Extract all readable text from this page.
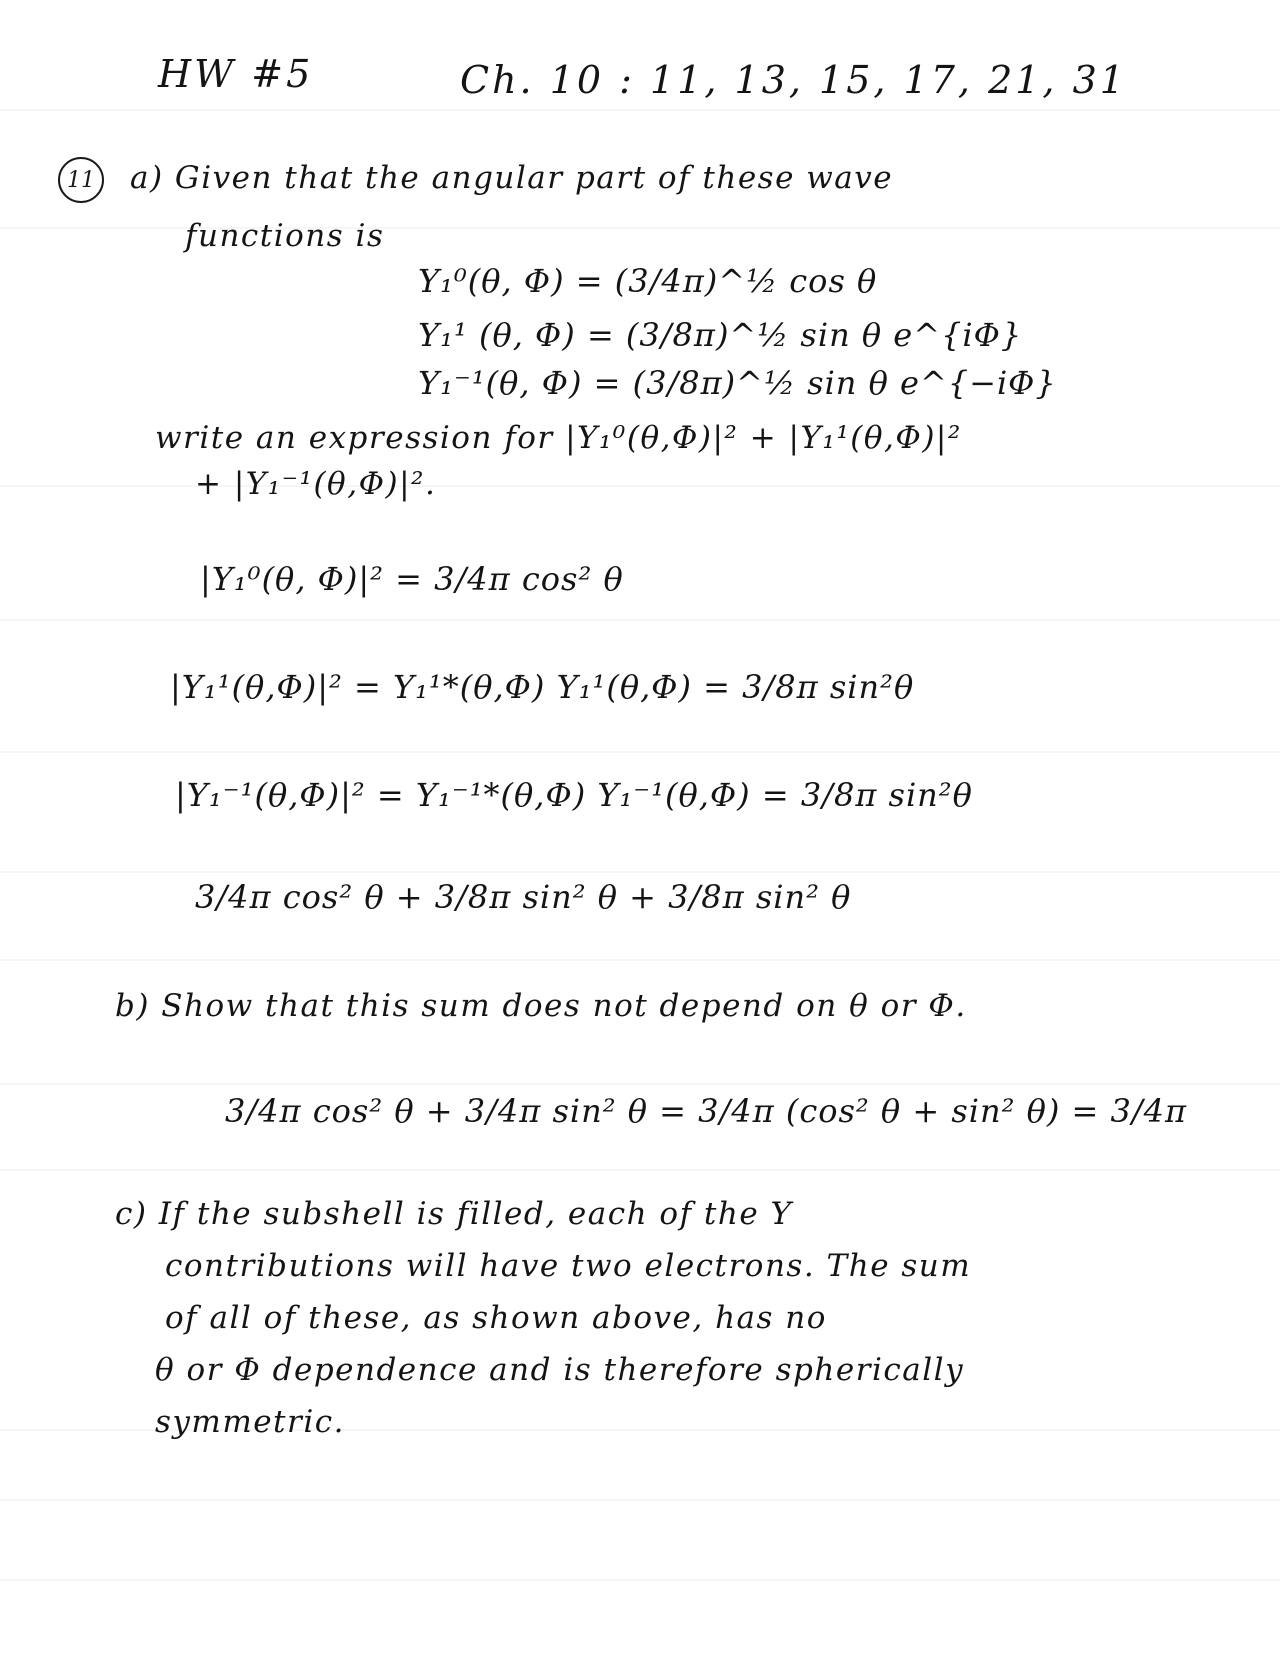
HW #5	Ch. 10 : 11, 13, 15, 17, 21, 31
11 a) Given that the angular part of these wave
functions is
Y₁⁰(θ, Φ) = (3/4π)^½ cos θ
Y₁¹ (θ, Φ) = (3/8π)^½ sin θ e^{iΦ}
Y₁⁻¹(θ, Φ) = (3/8π)^½ sin θ e^{−iΦ}
write an expression for |Y₁⁰(θ,Φ)|² + |Y₁¹(θ,Φ)|²
+ |Y₁⁻¹(θ,Φ)|².
|Y₁⁰(θ, Φ)|² = 3/4π cos² θ
|Y₁¹(θ,Φ)|² = Y₁¹*(θ,Φ) Y₁¹(θ,Φ) = 3/8π sin²θ
|Y₁⁻¹(θ,Φ)|² = Y₁⁻¹*(θ,Φ) Y₁⁻¹(θ,Φ) = 3/8π sin²θ
3/4π cos² θ + 3/8π sin² θ + 3/8π sin² θ
b) Show that this sum does not depend on θ or Φ.
3/4π cos² θ + 3/4π sin² θ = 3/4π (cos² θ + sin² θ) = 3/4π
c) If the subshell is filled, each of the Y
contributions will have two electrons. The sum
of all of these, as shown above, has no
θ or Φ dependence and is therefore spherically
symmetric.
